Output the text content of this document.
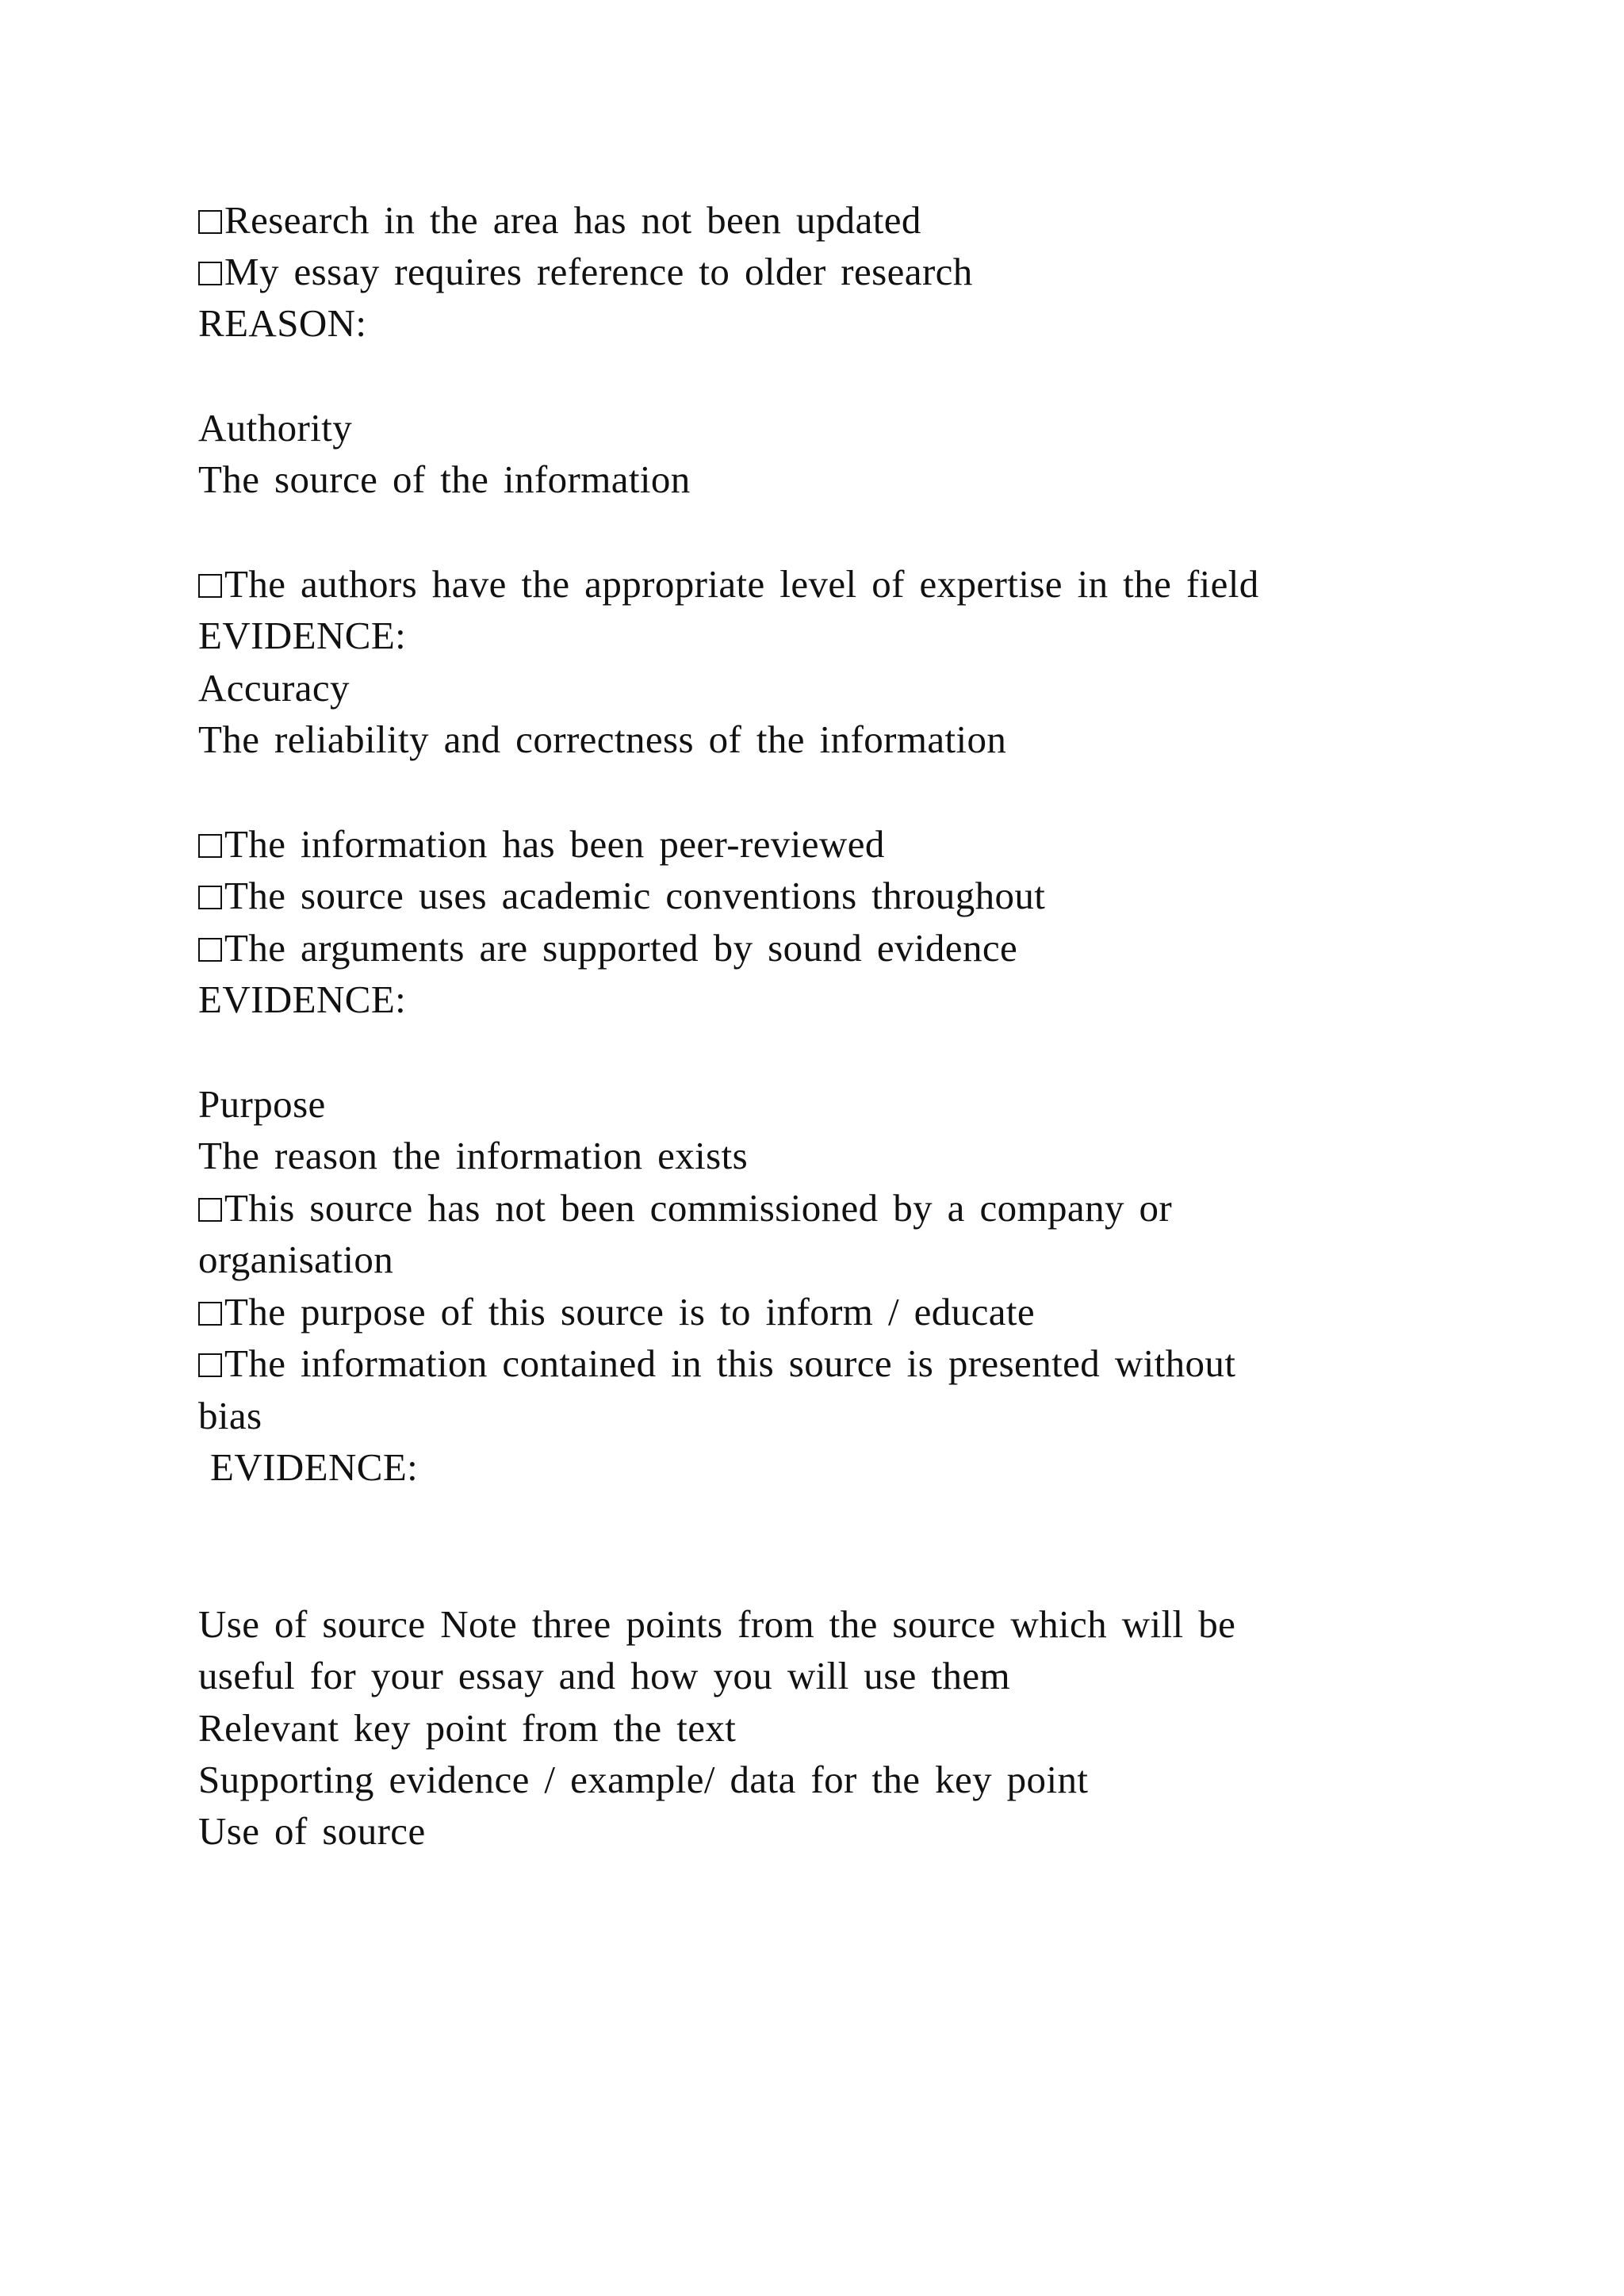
Research in the area has not been updated
My essay requires reference to older research
REASON:
Authority
The source of the information
The authors have the appropriate level of expertise in the field
EVIDENCE:
Accuracy
The reliability and correctness of the information
The information has been peer-reviewed
The source uses academic conventions throughout
The arguments are supported by sound evidence
EVIDENCE:
Purpose
The reason the information exists
This source has not been commissioned by a company or
organisation
The purpose of this source is to inform / educate
The information contained in this source is presented without
bias
EVIDENCE:
Use of source Note three points from the source which will be
useful for your essay and how you will use them
Relevant key point from the text
Supporting evidence / example/ data for the key point
Use of source
